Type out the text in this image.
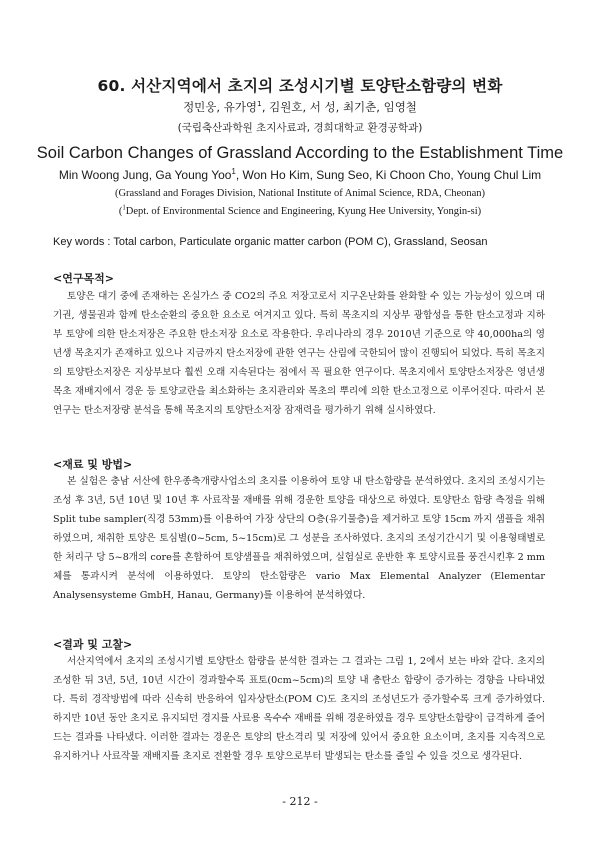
60. 서산지역에서 초지의 조성시기별 토양탄소함량의 변화
정민웅, 유가영$^1$, 김원호, 서 성, 최기춘, 임영철
(국립축산과학원 초지사료과, 경희대학교 환경공학과)
Soil Carbon Changes of Grassland According to the Establishment Time
Min Woong Jung, Ga Young Yoo$^1$, Won Ho Kim, Sung Seo, Ki Choon Cho, Young Chul Lim
(Grassland and Forages Division, National Institute of Animal Science, RDA, Cheonan)
($^1$Dept. of Environmental Science and Engineering, Kyung Hee University, Yongin-si)
Key words : Total carbon, Particulate organic matter carbon (POM C), Grassland, Seosan
<연구목적>

토양은 대기 중에 존재하는 온실가스 중 CO2의 주요 저장고로서 지구온난화를 완화할 수 있는 가능성이 있으며 대기권, 생물권과 함께 탄소순환의 중요한 요소로 여겨지고 있다. 특히 목초지의 지상부 광합성을 통한 탄소고정과 지하부 토양에 의한 탄소저장은 주요한 탄소저장 요소로 작용한다. 우리나라의 경우 2010년 기준으로 약 40,000ha의 영년생 목초지가 존재하고 있으나 지금까지 탄소저장에 관한 연구는 산림에 국한되어 많이 진행되어 되었다. 특히 목초지의 토양탄소저장은 지상부보다 훨씬 오래 지속된다는 점에서 꼭 필요한 연구이다. 목초지에서 토양탄소저장은 영년생 목초 재배지에서 경운 등 토양교란을 최소화하는 초지관리와 목초의 뿌리에 의한 탄소고정으로 이루어진다. 따라서 본 연구는 탄소저장량 분석을 통해 목초지의 토양탄소저장 잠재력을 평가하기 위해 실시하였다.

<재료 및 방법>

본 실험은 충남 서산에 한우종축개량사업소의 초지를 이용하여 토양 내 탄소함량을 분석하였다. 초지의 조성시기는 조성 후 3년, 5년 10년 및 10년 후 사료작물 재배를 위해 경운한 토양을 대상으로 하였다. 토양탄소 함량 측정을 위해 Split tube sampler(직경 53mm)를 이용하여 가장 상단의 O층(유기물층)을 제거하고 토양 15cm 까지 샘플을 채취하였으며, 채취한 토양은 토심별(0~5cm, 5~15cm)로 그 성분을 조사하였다. 초지의 조성기간시기 및 이용형태별로 한 처리구 당 5~8개의 core를 혼합하여 토양샘플을 채취하였으며, 실험실로 운반한 후 토양시료를 풍건시킨후 2 mm 체를 통과시켜 분석에 이용하였다. 토양의 탄소함량은 vario Max Elemental Analyzer (Elementar Analysensysteme GmbH, Hanau, Germany)를 이용하여 분석하였다.

<결과 및 고찰>

서산지역에서 초지의 조성시기별 토양탄소 함량을 분석한 결과는 그 결과는 그림 1, 2에서 보는 바와 같다. 초지의 조성한 뒤 3년, 5년, 10년 시간이 경과할수록 표토(0cm~5cm)의 토양 내 총탄소 함량이 증가하는 경향을 나타내었다. 특히 경작방법에 따라 신속히 반응하여 입자상탄소(POM C)도 초지의 조성년도가 증가할수록 크게 증가하였다. 하지만 10년 동안 초지로 유지되던 경지를 사료용 옥수수 재배를 위해 경운하였을 경우 토양탄소함량이 급격하게 줄어드는 결과를 나타냈다. 이러한 결과는 경운은 토양의 탄소격리 및 저장에 있어서 중요한 요소이며, 초지를 지속적으로 유지하거나 사료작물 재배지를 초지로 전환할 경우 토양으로부터 발생되는 탄소를 줄일 수 있을 것으로 생각된다.

- 212 -
